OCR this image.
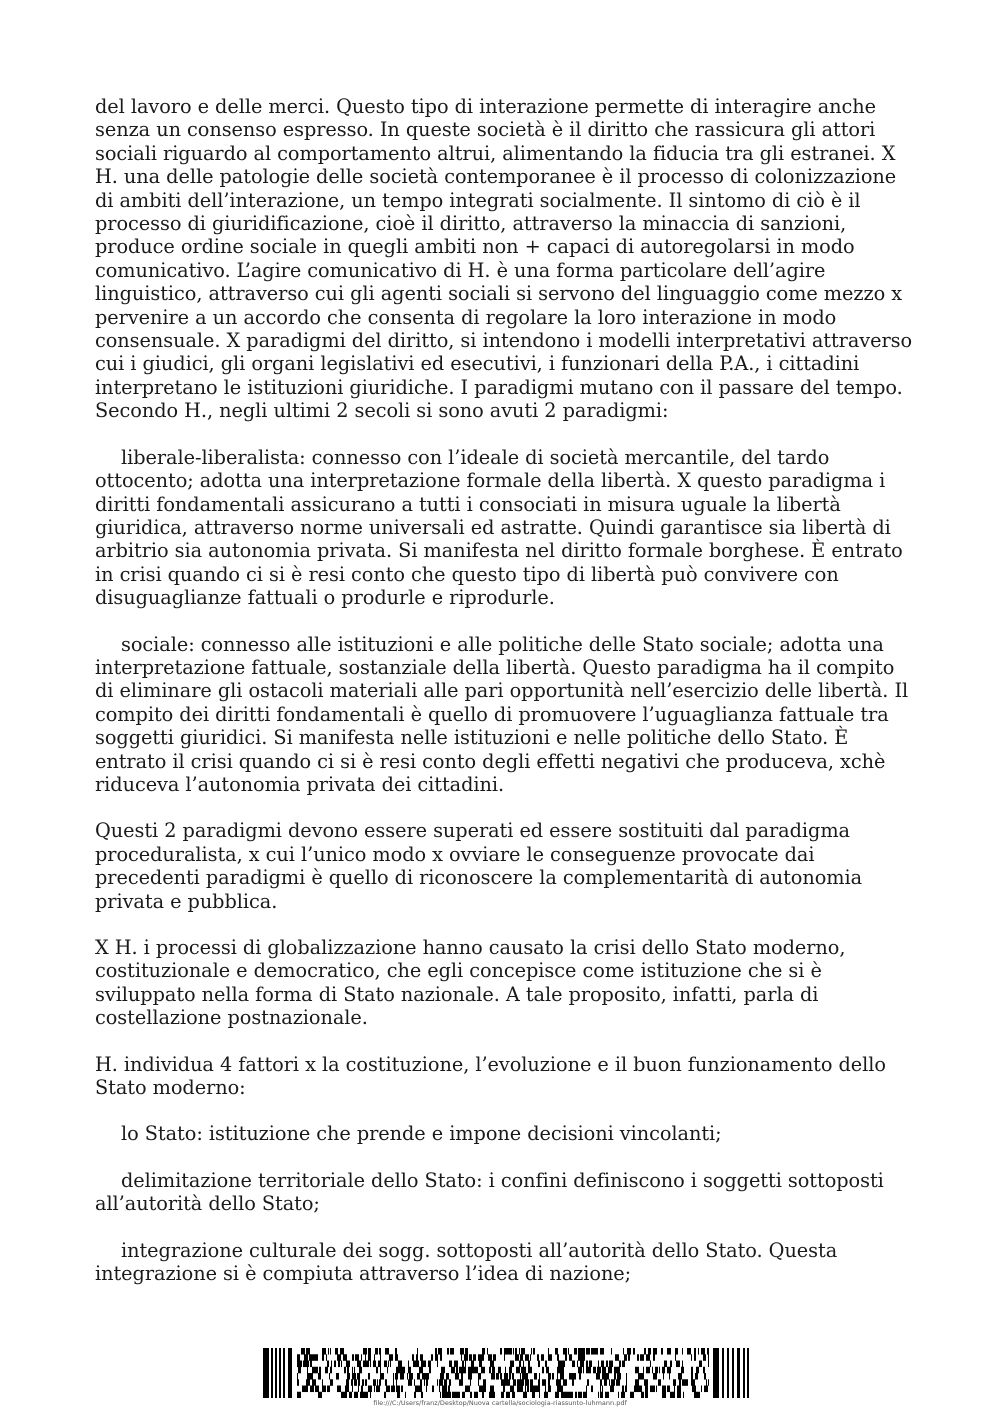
del lavoro e delle merci. Questo tipo di interazione permette di interagire anche senza un consenso espresso. In queste società è il diritto che rassicura gli attori sociali riguardo al comportamento altrui, alimentando la fiducia tra gli estranei. X H. una delle patologie delle società contemporanee è il processo di colonizzazione di ambiti dell’interazione, un tempo integrati socialmente. Il sintomo di ciò è il processo di giuridificazione, cioè il diritto, attraverso la minaccia di sanzioni, produce ordine sociale in quegli ambiti non + capaci di autoregolarsi in modo comunicativo. L’agire comunicativo di H. è una forma particolare dell’agire linguistico, attraverso cui gli agenti sociali si servono del linguaggio come mezzo x pervenire a un accordo che consenta di regolare la loro interazione in modo consensuale. X paradigmi del diritto, si intendono i modelli interpretativi attraverso cui i giudici, gli organi legislativi ed esecutivi, i funzionari della P.A., i cittadini interpretano le istituzioni giuridiche. I paradigmi mutano con il passare del tempo. Secondo H., negli ultimi 2 secoli si sono avuti 2 paradigmi:

liberale-liberalista: connesso con l’ideale di società mercantile, del tardo ottocento; adotta una interpretazione formale della libertà. X questo paradigma i diritti fondamentali assicurano a tutti i consociati in misura uguale la libertà giuridica, attraverso norme universali ed astratte. Quindi garantisce sia libertà di arbitrio sia autonomia privata. Si manifesta nel diritto formale borghese. È entrato in crisi quando ci si è resi conto che questo tipo di libertà può convivere con disuguaglianze fattuali o produrle e riprodurle.

sociale: connesso alle istituzioni e alle politiche delle Stato sociale; adotta una interpretazione fattuale, sostanziale della libertà. Questo paradigma ha il compito di eliminare gli ostacoli materiali alle pari opportunità nell’esercizio delle libertà. Il compito dei diritti fondamentali è quello di promuovere l’uguaglianza fattuale tra soggetti giuridici. Si manifesta nelle istituzioni e nelle politiche dello Stato. È entrato il crisi quando ci si è resi conto degli effetti negativi che produceva, xchè riduceva l’autonomia privata dei cittadini.

Questi 2 paradigmi devono essere superati ed essere sostituiti dal paradigma proceduralista, x cui l’unico modo x ovviare le conseguenze provocate dai precedenti paradigmi è quello di riconoscere la complementarità di autonomia privata e pubblica.

X H. i processi di globalizzazione hanno causato la crisi dello Stato moderno, costituzionale e democratico, che egli concepisce come istituzione che si è sviluppato nella forma di Stato nazionale. A tale proposito, infatti, parla di costellazione postnazionale.

H. individua 4 fattori x la costituzione, l’evoluzione e il buon funzionamento dello Stato moderno:

lo Stato: istituzione che prende e impone decisioni vincolanti;

delimitazione territoriale dello Stato: i confini definiscono i soggetti sottoposti all’autorità dello Stato;

integrazione culturale dei sogg. sottoposti all’autorità dello Stato. Questa integrazione si è compiuta attraverso l’idea di nazione;

file:///C:/Users/franz/Desktop/Nuova cartella/sociologia-riassunto-luhmann.pdf
